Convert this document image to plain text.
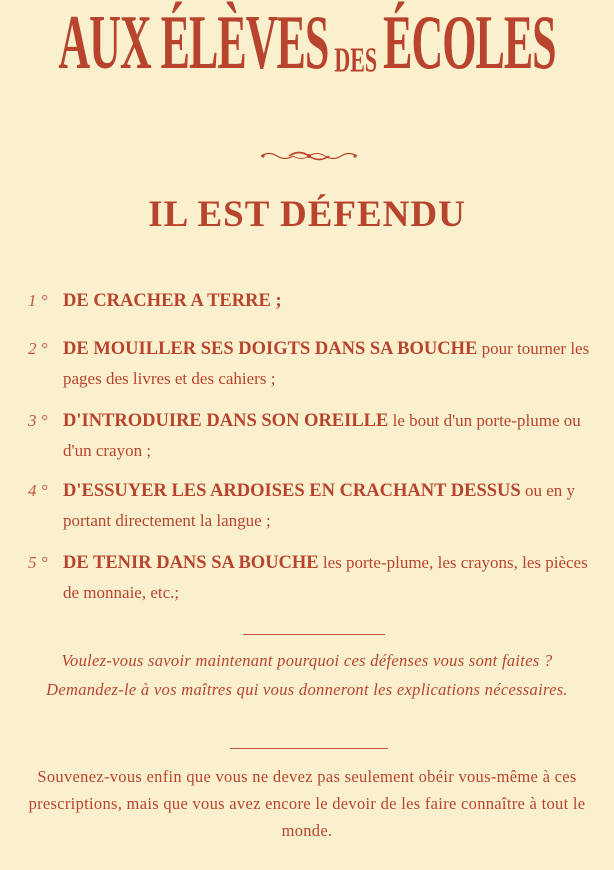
AUX ÉLÈVES DES ÉCOLES
IL EST DÉFENDU
1 ° DE CRACHER A TERRE ;
2 ° DE MOUILLER SES DOIGTS DANS SA BOUCHE pour tourner les pages des livres et des cahiers ;
3 ° D'INTRODUIRE DANS SON OREILLE le bout d'un porte-plume ou d'un crayon ;
4 ° D'ESSUYER LES ARDOISES EN CRACHANT DESSUS ou en y portant directement la langue ;
5 ° DE TENIR DANS SA BOUCHE les porte-plume, les crayons, les pièces de monnaie, etc.;
Voulez-vous savoir maintenant pourquoi ces défenses vous sont faites ? Demandez-le à vos maîtres qui vous donneront les explications nécessaires.
Souvenez-vous enfin que vous ne devez pas seulement obéir vous-même à ces prescriptions, mais que vous avez encore le devoir de les faire connaître à tout le monde.
